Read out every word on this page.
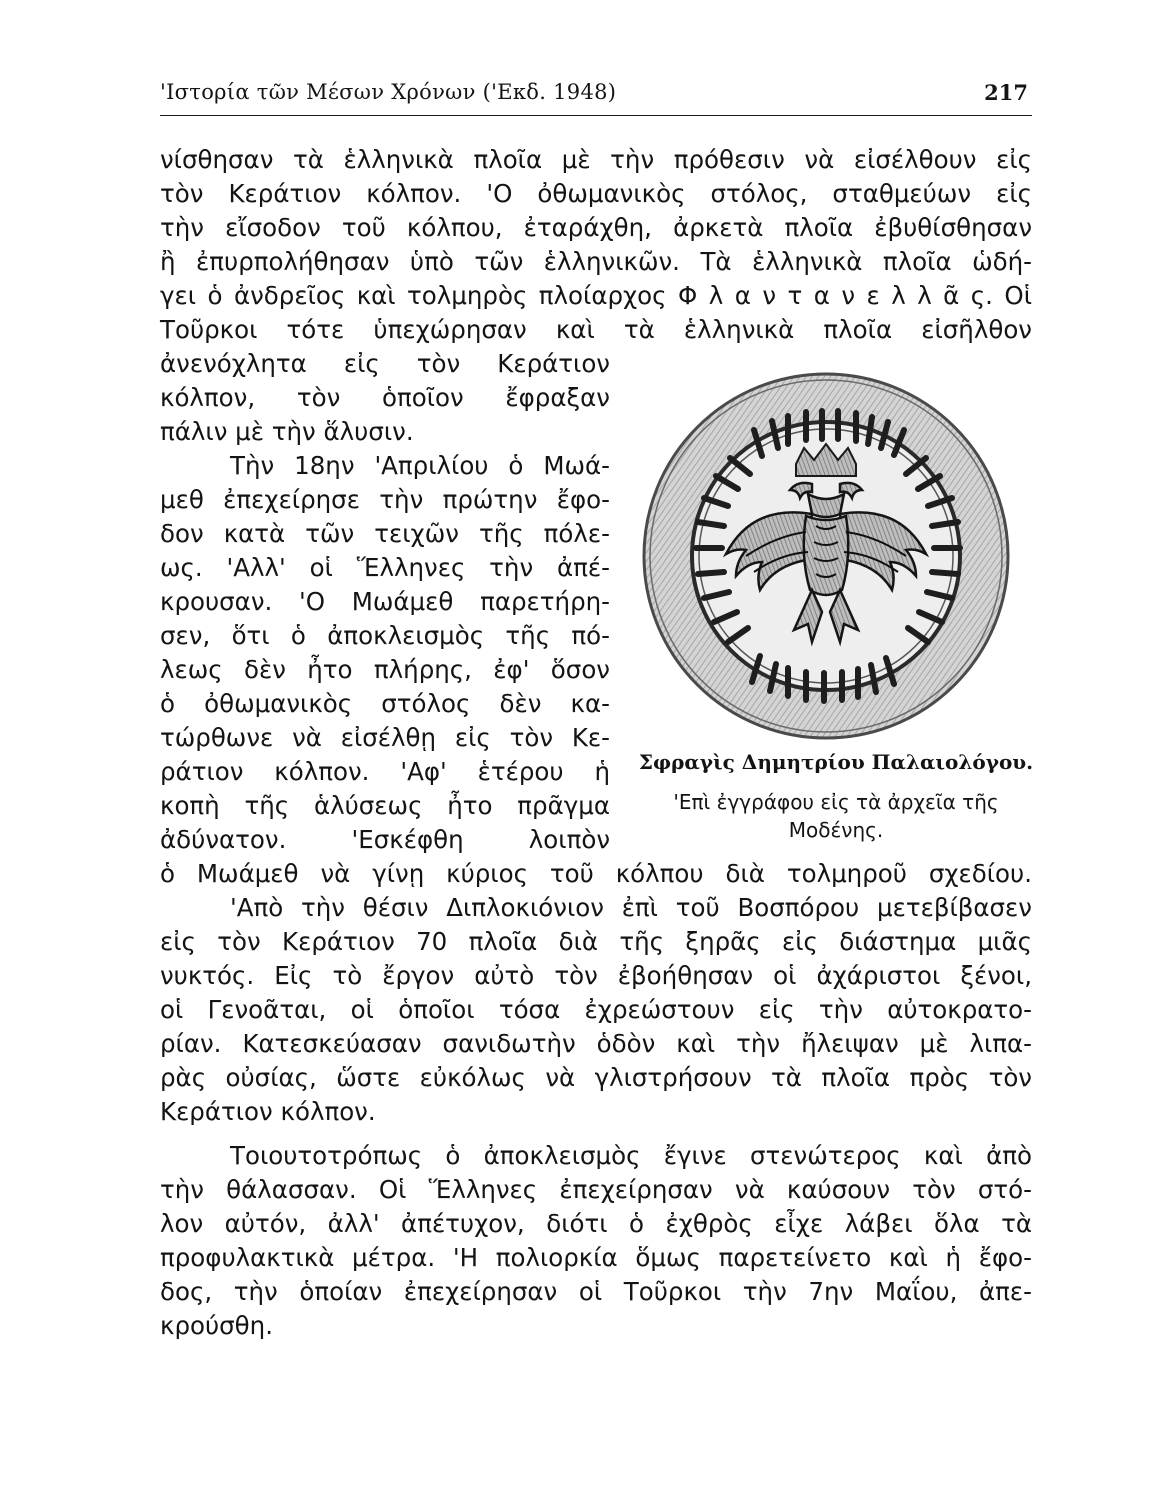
'Ιστορία τῶν Μέσων Χρόνων ('Εκδ. 1948)	217
νίσθησαν τὰ ἑλληνικὰ πλοῖα μὲ τὴν πρόθεσιν νὰ εἰσέλθουν εἰς
τὸν Κεράτιον κόλπον. 'Ο ὀθωμανικὸς στόλος, σταθμεύων εἰς
τὴν εἴσοδον τοῦ κόλπου, ἐταράχθη, ἀρκετὰ πλοῖα ἐβυθίσθησαν
ἢ ἐπυρπολήθησαν ὑπὸ τῶν ἑλληνικῶν. Τὰ ἑλληνικὰ πλοῖα ὡδή-
γει ὁ ἀνδρεῖος καὶ τολμηρὸς πλοίαρχος Φ λ α ν τ α ν ε λ λ ᾶ ς. Οἱ
Τοῦρκοι τότε ὑπεχώρησαν καὶ τὰ ἑλληνικὰ πλοῖα εἰσῆλθον
ἀνενόχλητα εἰς τὸν Κεράτιον
κόλπον, τὸν ὁποῖον ἔφραξαν
πάλιν μὲ τὴν ἅλυσιν.
Τὴν 18ην 'Απριλίου ὁ Μωά-
μεθ ἐπεχείρησε τὴν πρώτην ἔφο-
δον κατὰ τῶν τειχῶν τῆς πόλε-
ως. 'Αλλ' οἱ Ἕλληνες τὴν ἀπέ-
κρουσαν. 'Ο Μωάμεθ παρετήρη-
σεν, ὅτι ὁ ἀποκλεισμὸς τῆς πό-
λεως δὲν ἦτο πλήρης, ἐφ' ὅσον
ὁ ὀθωμανικὸς στόλος δὲν κα-
τώρθωνε νὰ εἰσέλθῃ εἰς τὸν Κε-
ράτιον κόλπον. 'Αφ' ἑτέρου ἡ
κοπὴ τῆς ἁλύσεως ἦτο πρᾶγμα
ἀδύνατον. 'Εσκέφθη λοιπὸν
ὁ Μωάμεθ νὰ γίνῃ κύριος τοῦ κόλπου διὰ τολμηροῦ σχεδίου.
'Απὸ τὴν θέσιν Διπλοκιόνιον ἐπὶ τοῦ Βοσπόρου μετεβίβασεν
εἰς τὸν Κεράτιον 70 πλοῖα διὰ τῆς ξηρᾶς εἰς διάστημα μιᾶς
νυκτός. Εἰς τὸ ἔργον αὐτὸ τὸν ἐβοήθησαν οἱ ἀχάριστοι ξένοι,
οἱ Γενοᾶται, οἱ ὁποῖοι τόσα ἐχρεώστουν εἰς τὴν αὐτοκρατο-
ρίαν. Κατεσκεύασαν σανιδωτὴν ὁδὸν καὶ τὴν ἤλειψαν μὲ λιπα-
ρὰς οὐσίας, ὥστε εὐκόλως νὰ γλιστρήσουν τὰ πλοῖα πρὸς τὸν
Κεράτιον κόλπον.
Τοιουτοτρόπως ὁ ἀποκλεισμὸς ἔγινε στενώτερος καὶ ἀπὸ
τὴν θάλασσαν. Οἱ Ἕλληνες ἐπεχείρησαν νὰ καύσουν τὸν στό-
λον αὐτόν, ἀλλ' ἀπέτυχον, διότι ὁ ἐχθρὸς εἶχε λάβει ὅλα τὰ
προφυλακτικὰ μέτρα. 'Η πολιορκία ὅμως παρετείνετο καὶ ἡ ἔφο-
δος, τὴν ὁποίαν ἐπεχείρησαν οἱ Τοῦρκοι τὴν 7ην Μαΐου, ἀπε-
κρούσθη.
Σφραγὶς Δημητρίου Παλαιολόγου.
'Επὶ ἐγγράφου εἰς τὰ ἀρχεῖα τῆς
Μοδένης.
